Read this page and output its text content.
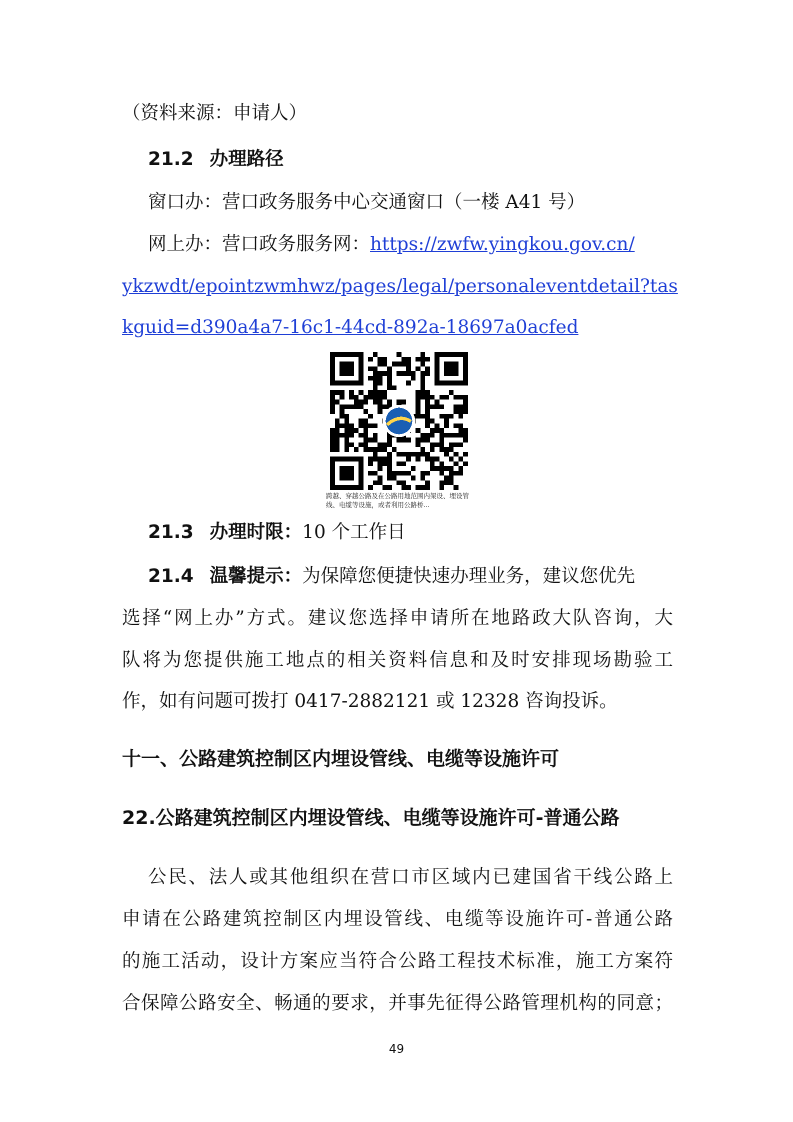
（资料来源：申请人）
21.2 办理路径
窗口办：营口政务服务中心交通窗口（一楼 A41 号）
网上办：营口政务服务网：https://zwfw.yingkou.gov.cn/
ykzwdt/epointzwmhwz/pages/legal/personaleventdetail?tas
kguid=d390a4a7-16c1-44cd-892a-18697a0acfed
跨越、穿越公路及在公路用地范围内架设、埋设管线、电缆等设施，或者利用公路桥...
21.3 办理时限：10 个工作日
21.4 温馨提示：为保障您便捷快速办理业务，建议您优先
选择“网上办”方式。建议您选择申请所在地路政大队咨询，大
队将为您提供施工地点的相关资料信息和及时安排现场勘验工
作，如有问题可拨打 0417-2882121 或 12328 咨询投诉。
十一、公路建筑控制区内埋设管线、电缆等设施许可
22.公路建筑控制区内埋设管线、电缆等设施许可-普通公路
公民、法人或其他组织在营口市区域内已建国省干线公路上
申请在公路建筑控制区内埋设管线、电缆等设施许可-普通公路
的施工活动，设计方案应当符合公路工程技术标准，施工方案符
合保障公路安全、畅通的要求，并事先征得公路管理机构的同意；
49
